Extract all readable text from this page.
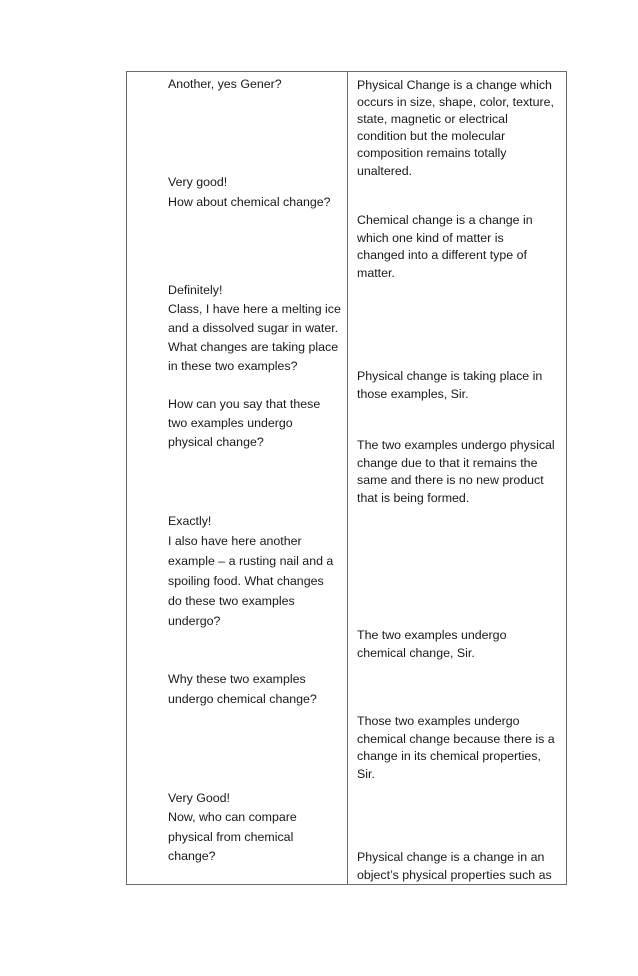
Another, yes Gener?
Very good!
How about chemical change?
Definitely!
Class, I have here a melting ice
and a dissolved sugar in water.
What changes are taking place
in these two examples?
How can you say that these
two examples undergo
physical change?
Exactly!
I also have here another
example – a rusting nail and a
spoiling food. What changes
do these two examples
undergo?
Why these two examples
undergo chemical change?
Very Good!
Now, who can compare
physical from chemical
change?
Physical Change is a change which
occurs in size, shape, color, texture,
state, magnetic or electrical
condition but the molecular
composition remains totally
unaltered.
Chemical change is a change in
which one kind of matter is
changed into a different type of
matter.
Physical change is taking place in
those examples, Sir.
The two examples undergo physical
change due to that it remains the
same and there is no new product
that is being formed.
The two examples undergo
chemical change, Sir.
Those two examples undergo
chemical change because there is a
change in its chemical properties,
Sir.
Physical change is a change in an
object’s physical properties such as
